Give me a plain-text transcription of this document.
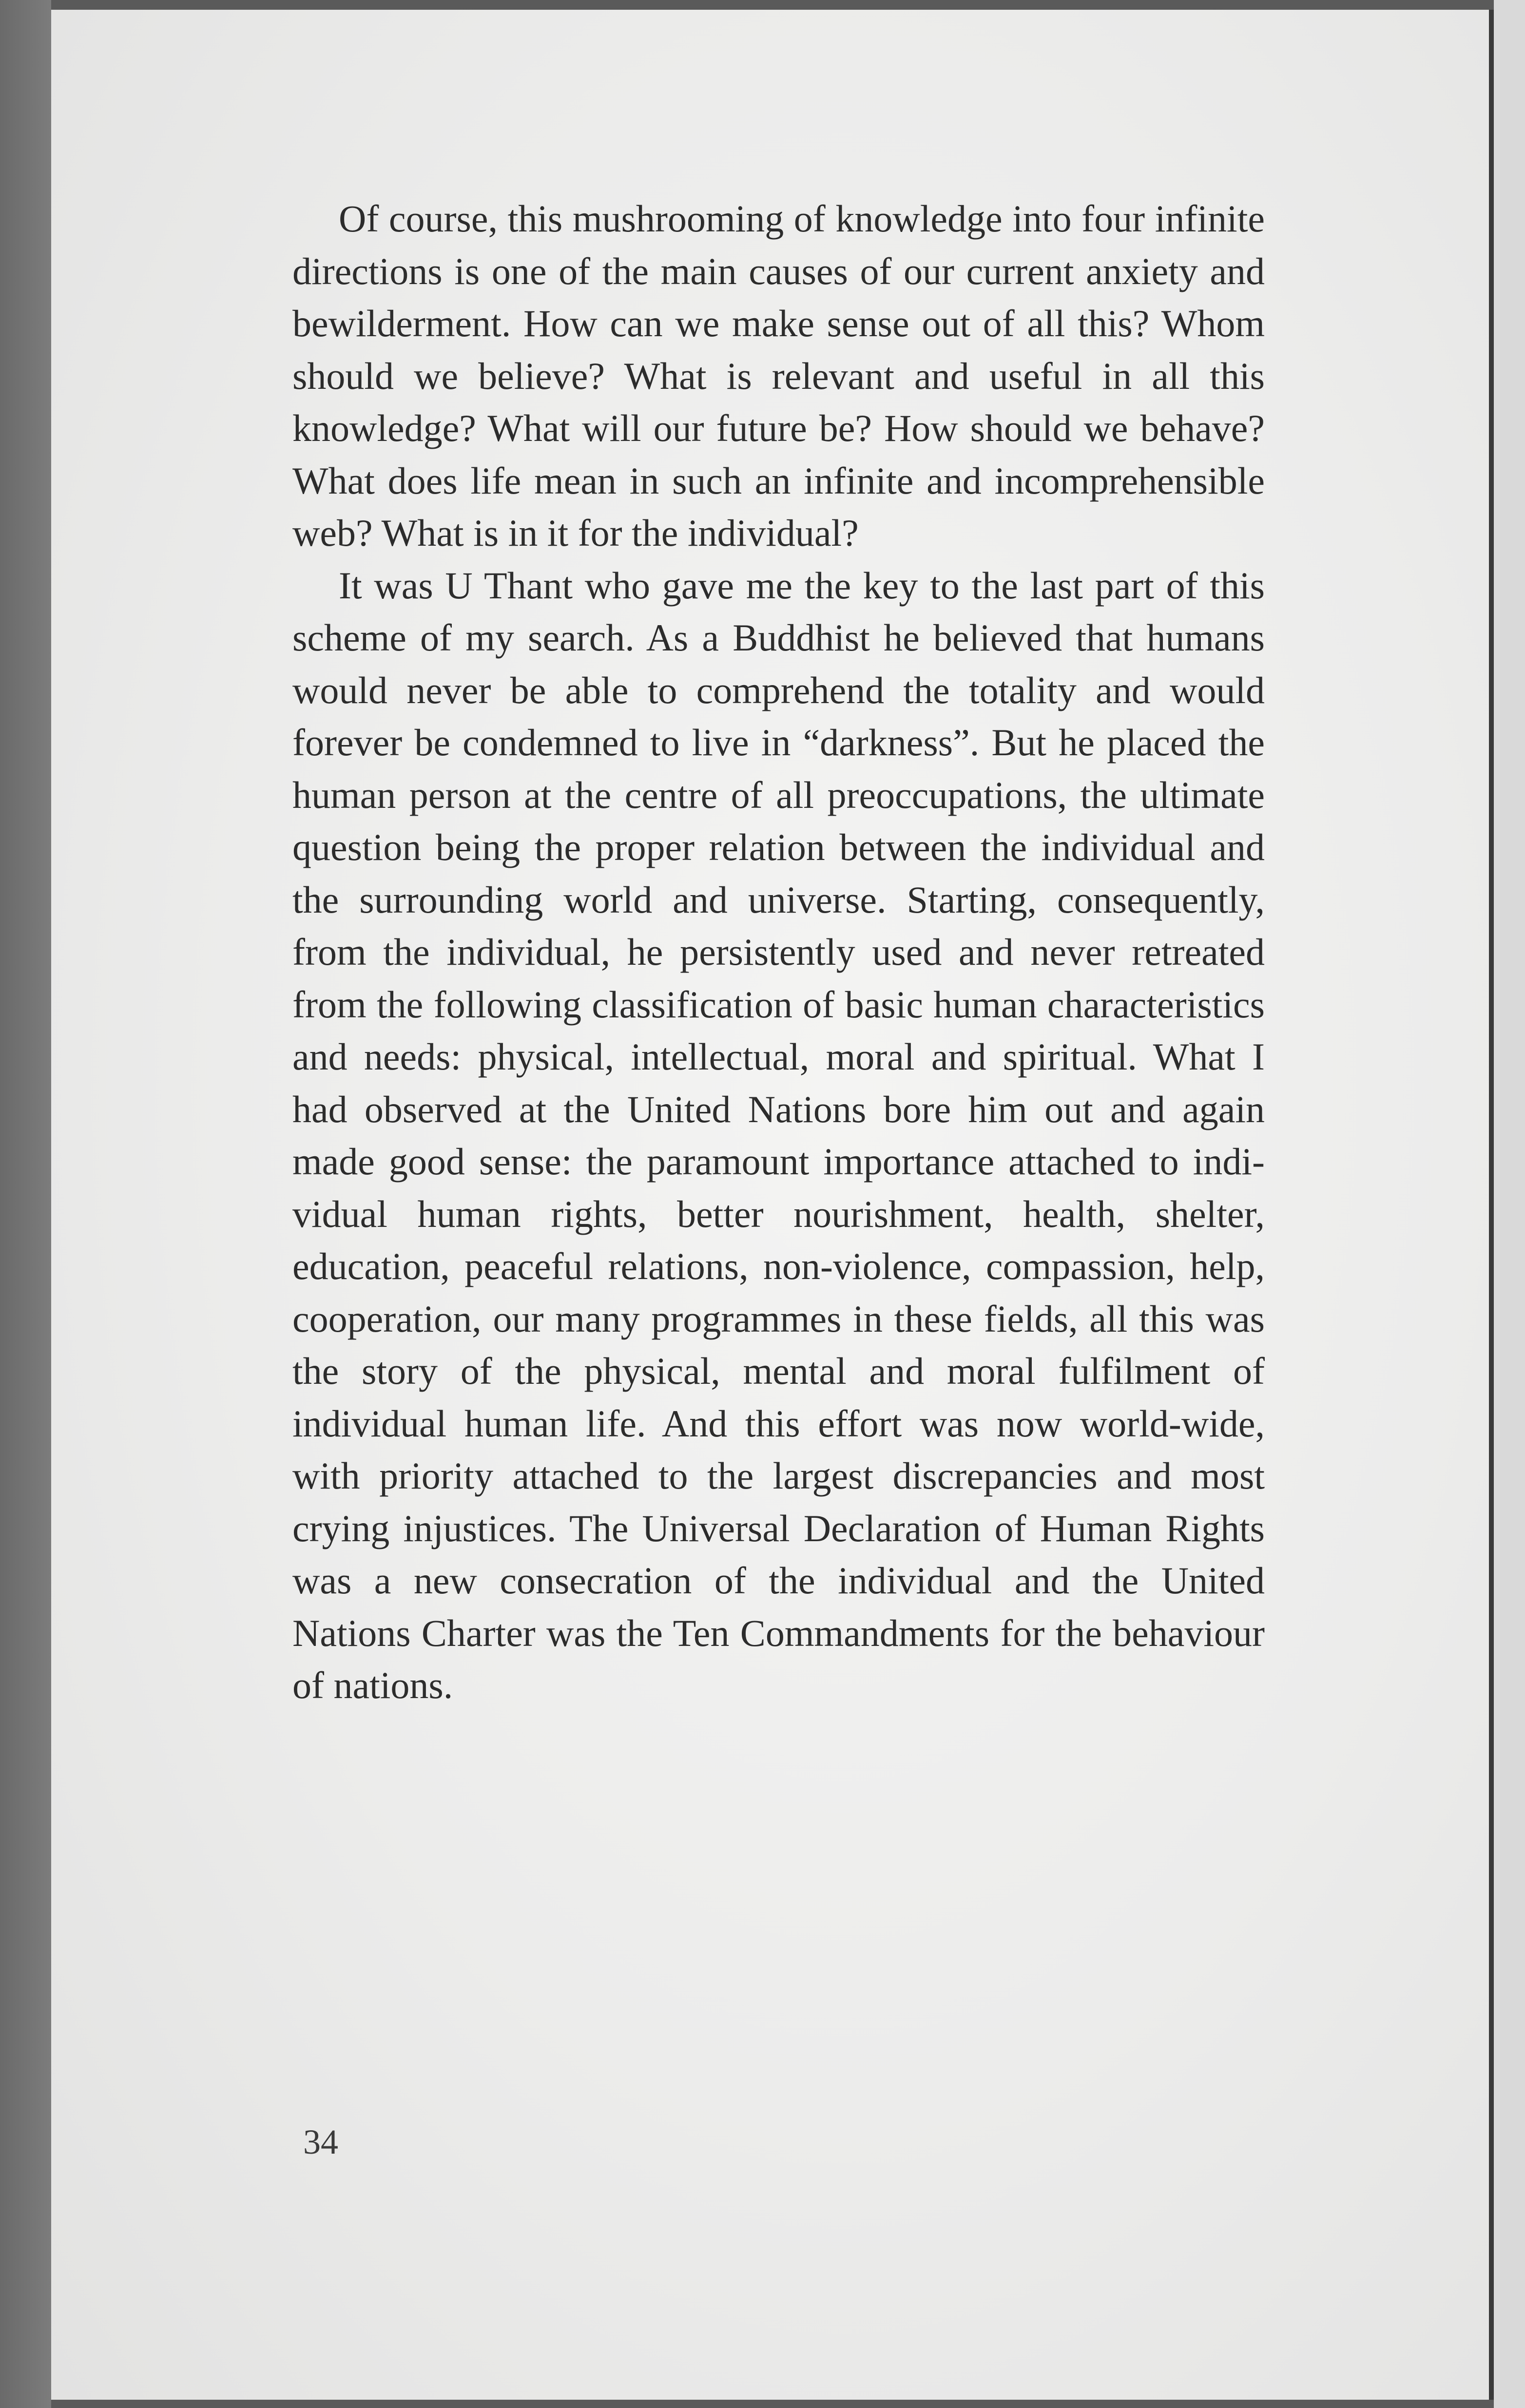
Of course, this mushrooming of knowledge into four infinite directions is one of the main causes of our current anxiety and bewilderment. How can we make sense out of all this? Whom should we believe? What is relevant and useful in all this knowledge? What will our future be? How should we behave? What does life mean in such an infinite and incomprehensible web? What is in it for the individual?

It was U Thant who gave me the key to the last part of this scheme of my search. As a Buddhist he believed that humans would never be able to comprehend the totality and would forever be condemned to live in “darkness”. But he placed the human person at the centre of all preoccupations, the ultimate question being the proper relation between the individual and the surrounding world and universe. Starting, consequently, from the individual, he persistently used and never retreated from the following classification of basic human characteristics and needs: physical, intellectual, moral and spiritual. What I had observed at the United Nations bore him out and again made good sense: the paramount importance attached to individual human rights, better nourishment, health, shelter, education, peaceful relations, non-violence, compassion, help, cooperation, our many programmes in these fields, all this was the story of the physical, mental and moral fulfilment of individual human life. And this effort was now world-wide, with priority attached to the largest discrepancies and most crying injustices. The Universal Declaration of Human Rights was a new consecration of the individual and the United Nations Charter was the Ten Commandments for the behaviour of nations.

34
